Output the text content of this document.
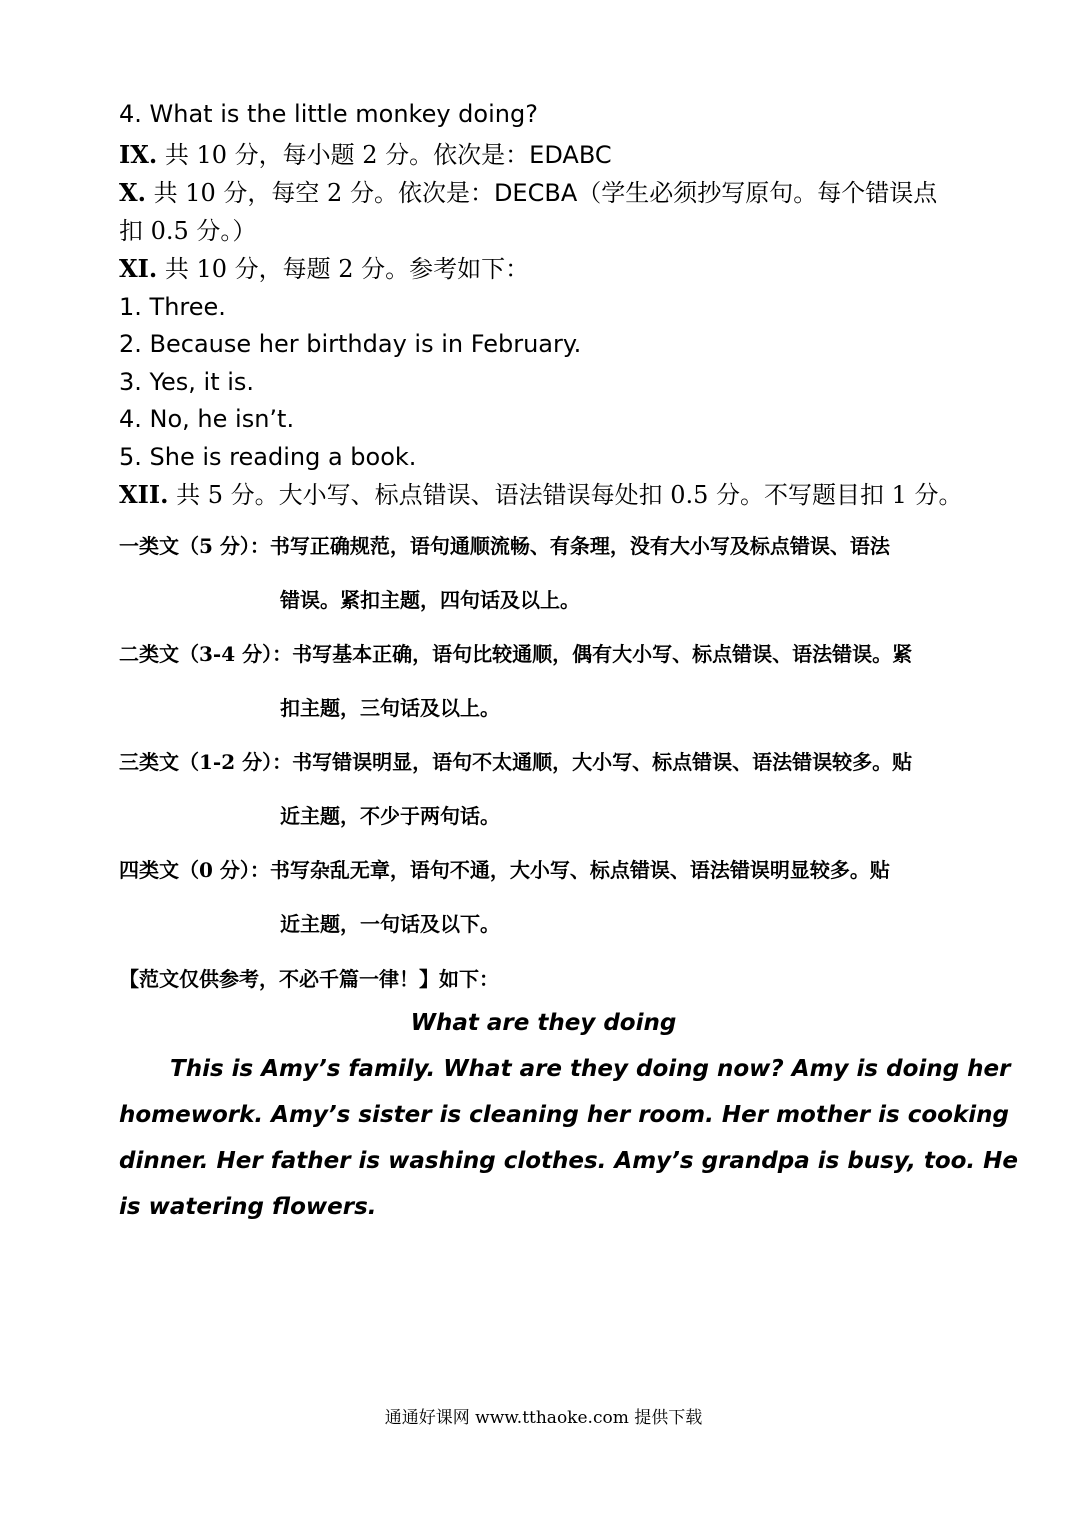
4. What is the little monkey doing?
IX. 共 10 分，每小题 2 分。依次是：EDABC
X. 共 10 分，每空 2 分。依次是：DECBA（学生必须抄写原句。每个错误点
扣 0.5 分。）
XI. 共 10 分，每题 2 分。参考如下：
1. Three.
2. Because her birthday is in February.
3. Yes, it is.
4. No, he isn’t.
5. She is reading a book.
XII. 共 5 分。大小写、标点错误、语法错误每处扣 0.5 分。不写题目扣 1 分。
一类文（5 分）：书写正确规范，语句通顺流畅、有条理，没有大小写及标点错误、语法
错误。紧扣主题，四句话及以上。
二类文（3-4 分）：书写基本正确，语句比较通顺，偶有大小写、标点错误、语法错误。紧
扣主题，三句话及以上。
三类文（1-2 分）：书写错误明显，语句不太通顺，大小写、标点错误、语法错误较多。贴
近主题，不少于两句话。
四类文（0 分）：书写杂乱无章，语句不通，大小写、标点错误、语法错误明显较多。贴
近主题，一句话及以下。
【范文仅供参考，不必千篇一律！】如下：
What are they doing
This is Amy’s family. What are they doing now? Amy is doing her
homework. Amy’s sister is cleaning her room. Her mother is cooking
dinner. Her father is washing clothes. Amy’s grandpa is busy, too. He
is watering flowers.
通通好课网 www.tthaoke.com 提供下载
